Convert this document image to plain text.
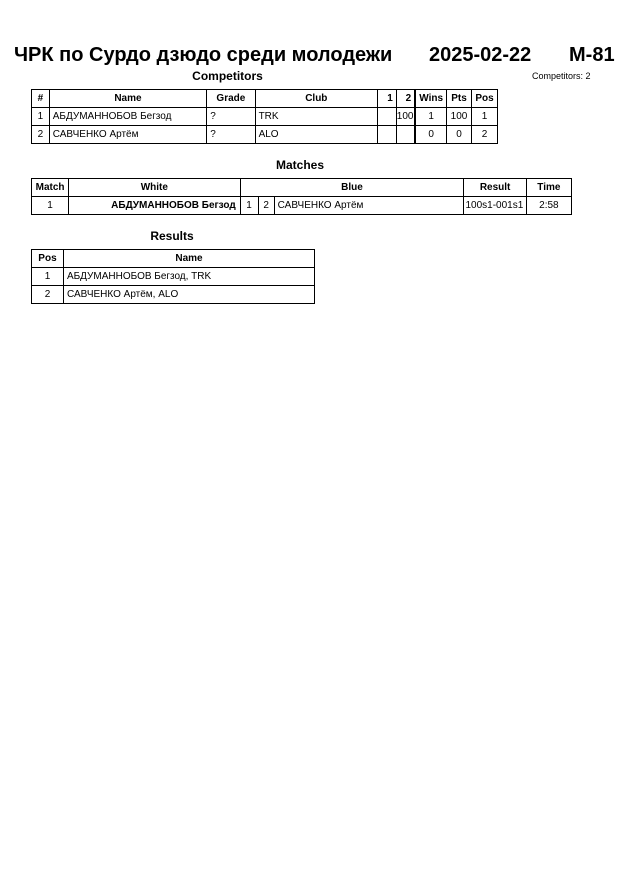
ЧРК по Сурдо дзюдо среди молодежи 2025-02-22 M-81
Competitors	Competitors: 2
#	Name	Grade	Club	1	2	Wins	Pts	Pos
1	АБДУМАННОБОВ Бегзод	?	TRK		100	1	100	1
2	САВЧЕНКО Артём	?	ALO			0	0	2
Matches
Match	White	Blue			Result	Time
1	АБДУМАННОБОВ Бегзод	1	2	САВЧЕНКО Артём	100s1-001s1	2:58
Results
Pos	Name
1	АБДУМАННОБОВ Бегзод, TRK
2	САВЧЕНКО Артём, ALO
